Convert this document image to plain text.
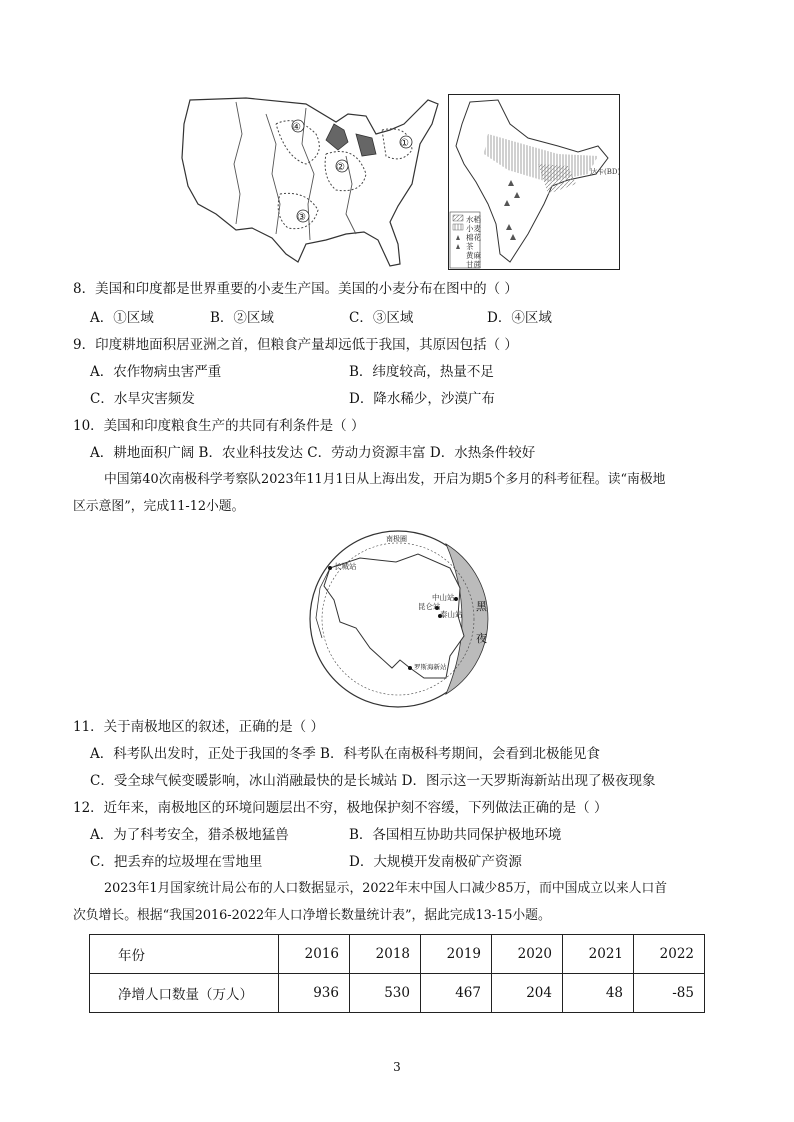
④
②
③
①
达卡(BD)
水稻
小麦
棉花
茶
黄麻
甘蔗
8．美国和印度都是世界重要的小麦生产国。美国的小麦分布在图中的（ ）
A．①区域	B．②区域	C．③区域	D．④区域
9．印度耕地面积居亚洲之首，但粮食产量却远低于我国，其原因包括（ ）
A．农作物病虫害严重	B．纬度较高，热量不足
C．水旱灾害频发	D．降水稀少，沙漠广布
10．美国和印度粮食生产的共同有利条件是（ ）
A．耕地面积广阔 B．农业科技发达 C．劳动力资源丰富 D．水热条件较好
中国第40次南极科学考察队2023年11月1日从上海出发，开启为期5个多月的科考征程。读“南极地
区示意图”，完成11-12小题。
南极圈
长城站
中山站
昆仑站
泰山站
罗斯海新站
黑
夜
11．关于南极地区的叙述，正确的是（ ）
A．科考队出发时，正处于我国的冬季 B．科考队在南极科考期间，会看到北极能见食
C．受全球气候变暖影响，冰山消融最快的是长城站 D．图示这一天罗斯海新站出现了极夜现象
12．近年来，南极地区的环境问题层出不穷，极地保护刻不容缓，下列做法正确的是（ ）
A．为了科考安全，猎杀极地猛兽	B．各国相互协助共同保护极地环境
C．把丢弃的垃圾埋在雪地里	D．大规模开发南极矿产资源
2023年1月国家统计局公布的人口数据显示，2022年末中国人口减少85万，而中国成立以来人口首
次负增长。根据“我国2016-2022年人口净增长数量统计表”，据此完成13-15小题。
年份	2016	2018	2019	2020	2021	2022
净增人口数量（万人）	936	530	467	204	48	-85
3
